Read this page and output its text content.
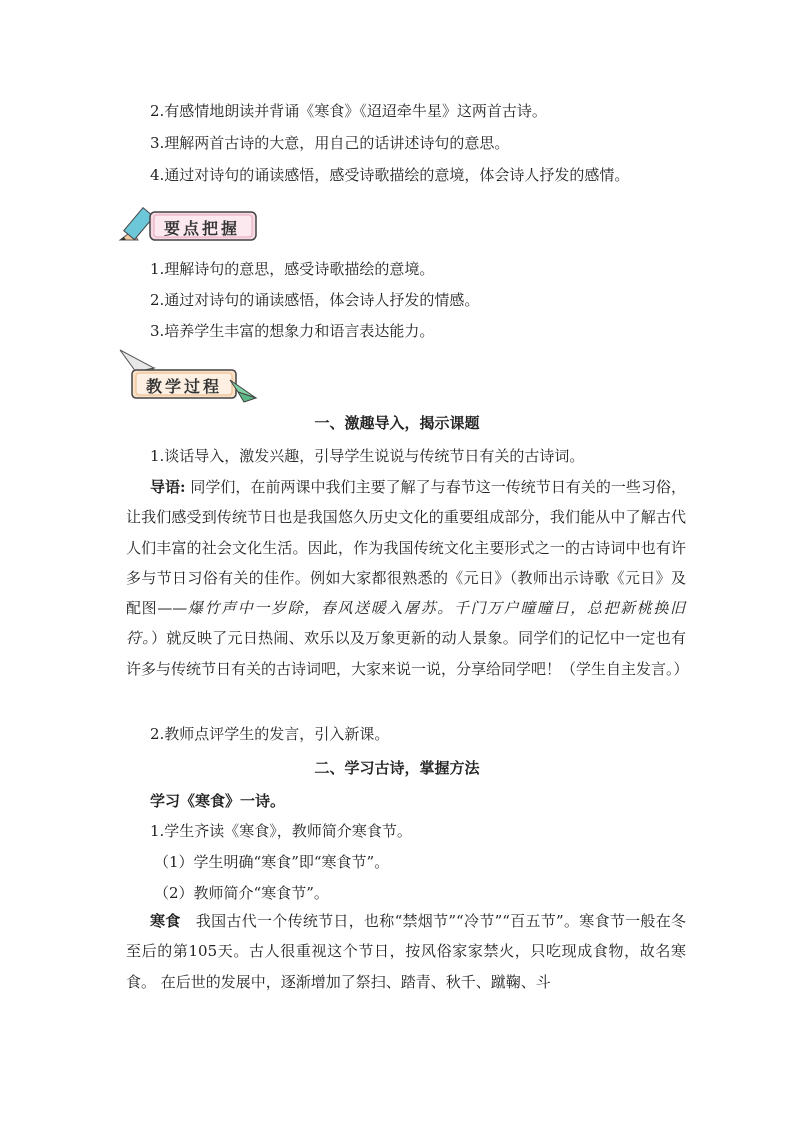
2.有感情地朗读并背诵《寒食》《迢迢牵牛星》这两首古诗。
3.理解两首古诗的大意，用自己的话讲述诗句的意思。
4.通过对诗句的诵读感悟，感受诗歌描绘的意境，体会诗人抒发的感情。
要点把握
1.理解诗句的意思，感受诗歌描绘的意境。
2.通过对诗句的诵读感悟，体会诗人抒发的情感。
3.培养学生丰富的想象力和语言表达能力。
教学过程
一、激趣导入，揭示课题
1.谈话导入，激发兴趣，引导学生说说与传统节日有关的古诗词。
导语: 同学们，在前两课中我们主要了解了与春节这一传统节日有关的一些习俗，让我们感受到传统节日也是我国悠久历史文化的重要组成部分，我们能从中了解古代人们丰富的社会文化生活。因此，作为我国传统文化主要形式之一的古诗词中也有许多与节日习俗有关的佳作。例如大家都很熟悉的《元日》（教师出示诗歌《元日》及配图——爆竹声中一岁除，春风送暖入屠苏。千门万户曈曈日，总把新桃换旧符。）就反映了元日热闹、欢乐以及万象更新的动人景象。同学们的记忆中一定也有许多与传统节日有关的古诗词吧，大家来说一说，分享给同学吧！（学生自主发言。）
2.教师点评学生的发言，引入新课。
二、学习古诗，掌握方法
学习《寒食》一诗。
1.学生齐读《寒食》，教师简介寒食节。
（1）学生明确“寒食”即“寒食节”。
（2）教师简介“寒食节”。
寒食　我国古代一个传统节日，也称“禁烟节”“冷节”“百五节”。寒食节一般在冬至后的第105天。古人很重视这个节日，按风俗家家禁火，只吃现成食物，故名寒食。 在后世的发展中，逐渐增加了祭扫、踏青、秋千、蹴鞠、斗
